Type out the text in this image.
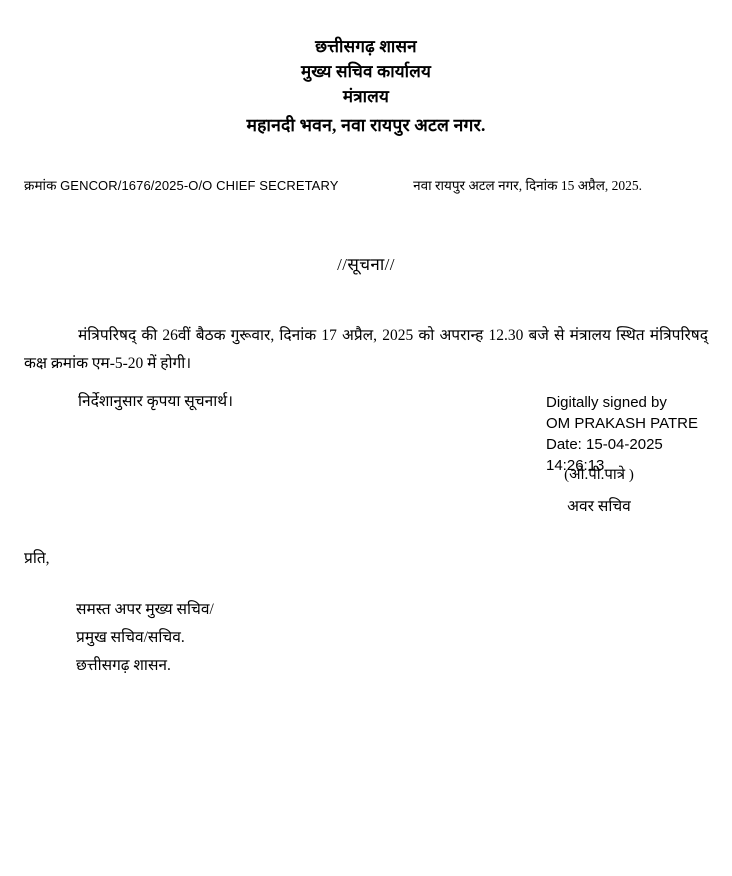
छत्तीसगढ़ शासन
मुख्य सचिव कार्यालय
मंत्रालय
महानदी भवन, नवा रायपुर अटल नगर.
क्रमांक GENCOR/1676/2025-O/O CHIEF SECRETARY	नवा रायपुर अटल नगर, दिनांक 15 अप्रैल, 2025.
//सूचना//
मंत्रिपरिषद् की 26वीं बैठक गुरूवार, दिनांक 17 अप्रैल, 2025 को अपरान्ह 12.30 बजे से मंत्रालय स्थित मंत्रिपरिषद् कक्ष क्रमांक एम-5-20 में होगी।
निर्देशानुसार कृपया सूचनार्थ।
(ओ.पी.पात्रे )
अवर सचिव
Digitally signed by
OM PRAKASH PATRE
Date: 15-04-2025
14:26:13
प्रति,
समस्त अपर मुख्य सचिव/
प्रमुख सचिव/सचिव.
छत्तीसगढ़ शासन.
